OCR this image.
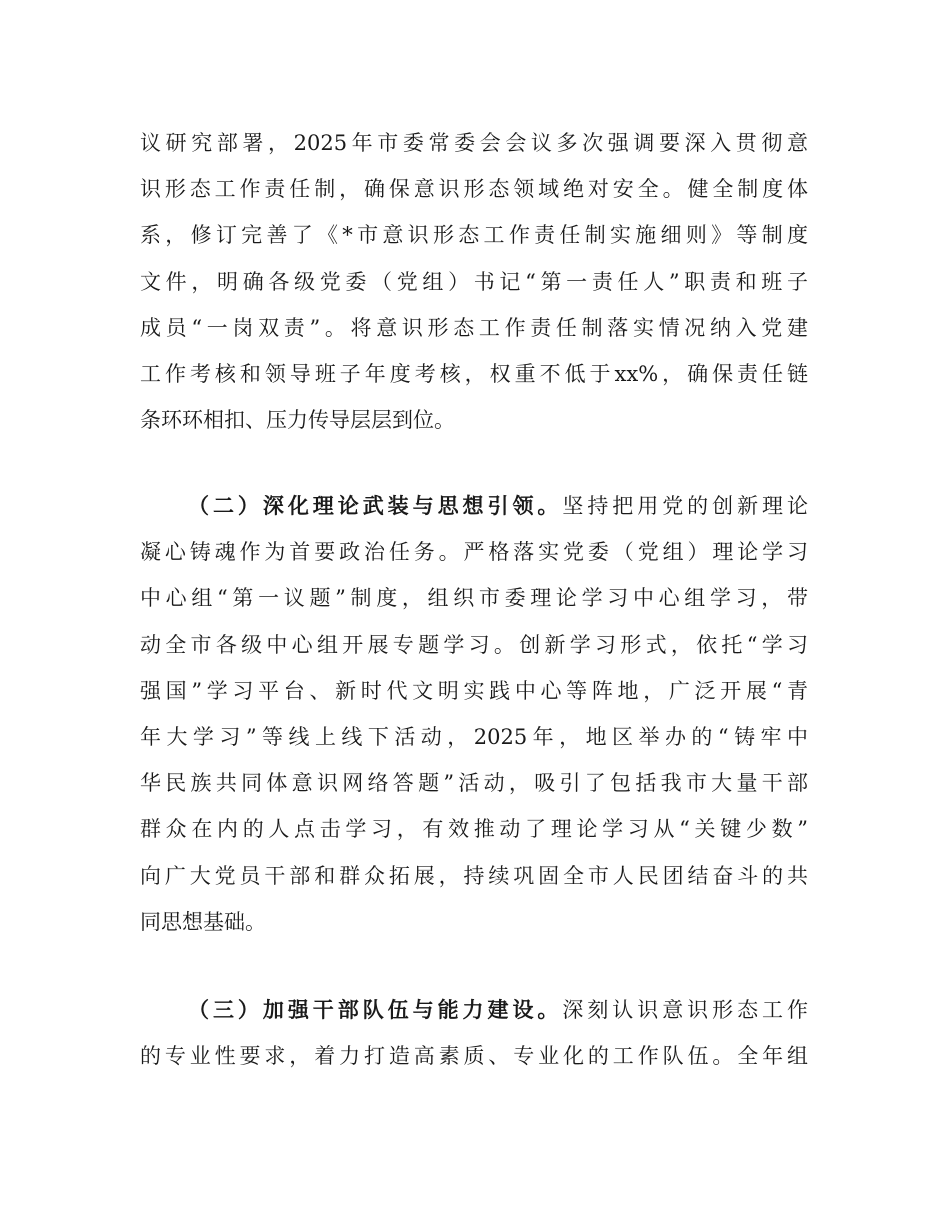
议研究部署，2025年市委常委会会议多次强调要深入贯彻意
识形态工作责任制，确保意识形态领域绝对安全。健全制度体
系，修订完善了《*市意识形态工作责任制实施细则》等制度
文件，明确各级党委（党组）书记“第一责任人”职责和班子
成员“一岗双责”。将意识形态工作责任制落实情况纳入党建
工作考核和领导班子年度考核，权重不低于xx%，确保责任链
条环环相扣、压力传导层层到位。
（二）深化理论武装与思想引领。坚持把用党的创新理论
凝心铸魂作为首要政治任务。严格落实党委（党组）理论学习
中心组“第一议题”制度，组织市委理论学习中心组学习，带
动全市各级中心组开展专题学习。创新学习形式，依托“学习
强国”学习平台、新时代文明实践中心等阵地，广泛开展“青
年大学习”等线上线下活动，2025年，地区举办的“铸牢中
华民族共同体意识网络答题”活动，吸引了包括我市大量干部
群众在内的人点击学习，有效推动了理论学习从“关键少数”
向广大党员干部和群众拓展，持续巩固全市人民团结奋斗的共
同思想基础。
（三）加强干部队伍与能力建设。深刻认识意识形态工作
的专业性要求，着力打造高素质、专业化的工作队伍。全年组
